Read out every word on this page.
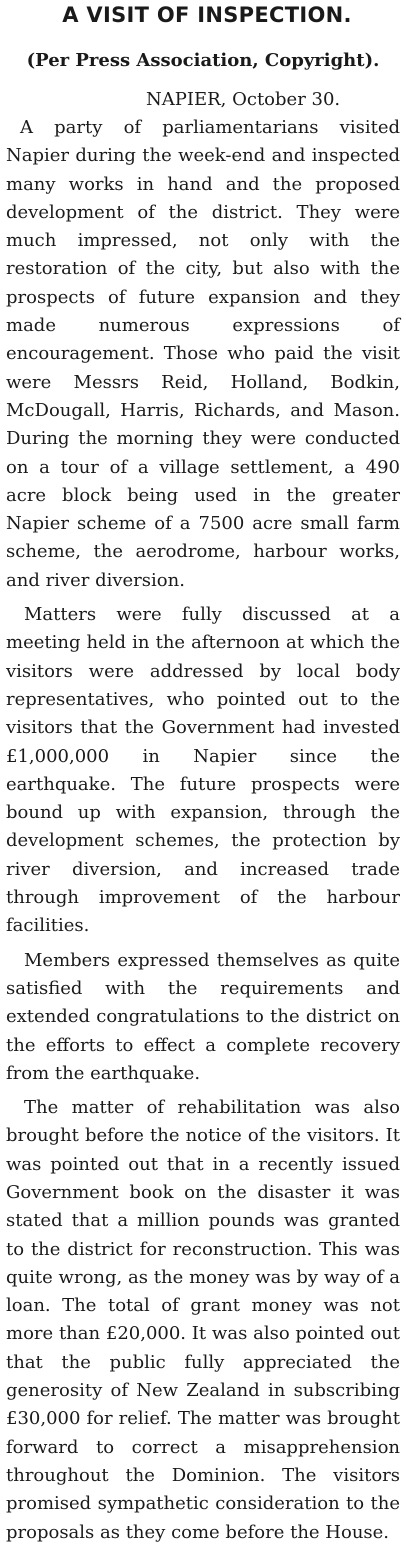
A VISIT OF INSPECTION.
(Per Press Association, Copyright).
NAPIER, October 30.

A party of parliamentarians visited Napier during the week-end and inspected many works in hand and the proposed development of the district. They were much impressed, not only with the restoration of the city, but also with the prospects of future expansion and they made numerous expressions of encouragement. Those who paid the visit were Messrs Reid, Holland, Bodkin, McDougall, Harris, Richards, and Mason. During the morning they were conducted on a tour of a village settlement, a 490 acre block being used in the greater Napier scheme of a 7500 acre small farm scheme, the aerodrome, harbour works, and river diversion.

Matters were fully discussed at a meeting held in the afternoon at which the visitors were addressed by local body representatives, who pointed out to the visitors that the Government had invested £1,000,000 in Napier since the earthquake. The future prospects were bound up with expansion, through the development schemes, the protection by river diversion, and increased trade through improvement of the harbour facilities.

Members expressed themselves as quite satisfied with the requirements and extended congratulations to the district on the efforts to effect a complete recovery from the earthquake.

The matter of rehabilitation was also brought before the notice of the visitors. It was pointed out that in a recently issued Government book on the disaster it was stated that a million pounds was granted to the district for reconstruction. This was quite wrong, as the money was by way of a loan. The total of grant money was not more than £20,000. It was also pointed out that the public fully appreciated the generosity of New Zealand in subscribing £30,000 for relief. The matter was brought forward to correct a misapprehension throughout the Dominion. The visitors promised sympathetic consideration to the proposals as they come before the House.
